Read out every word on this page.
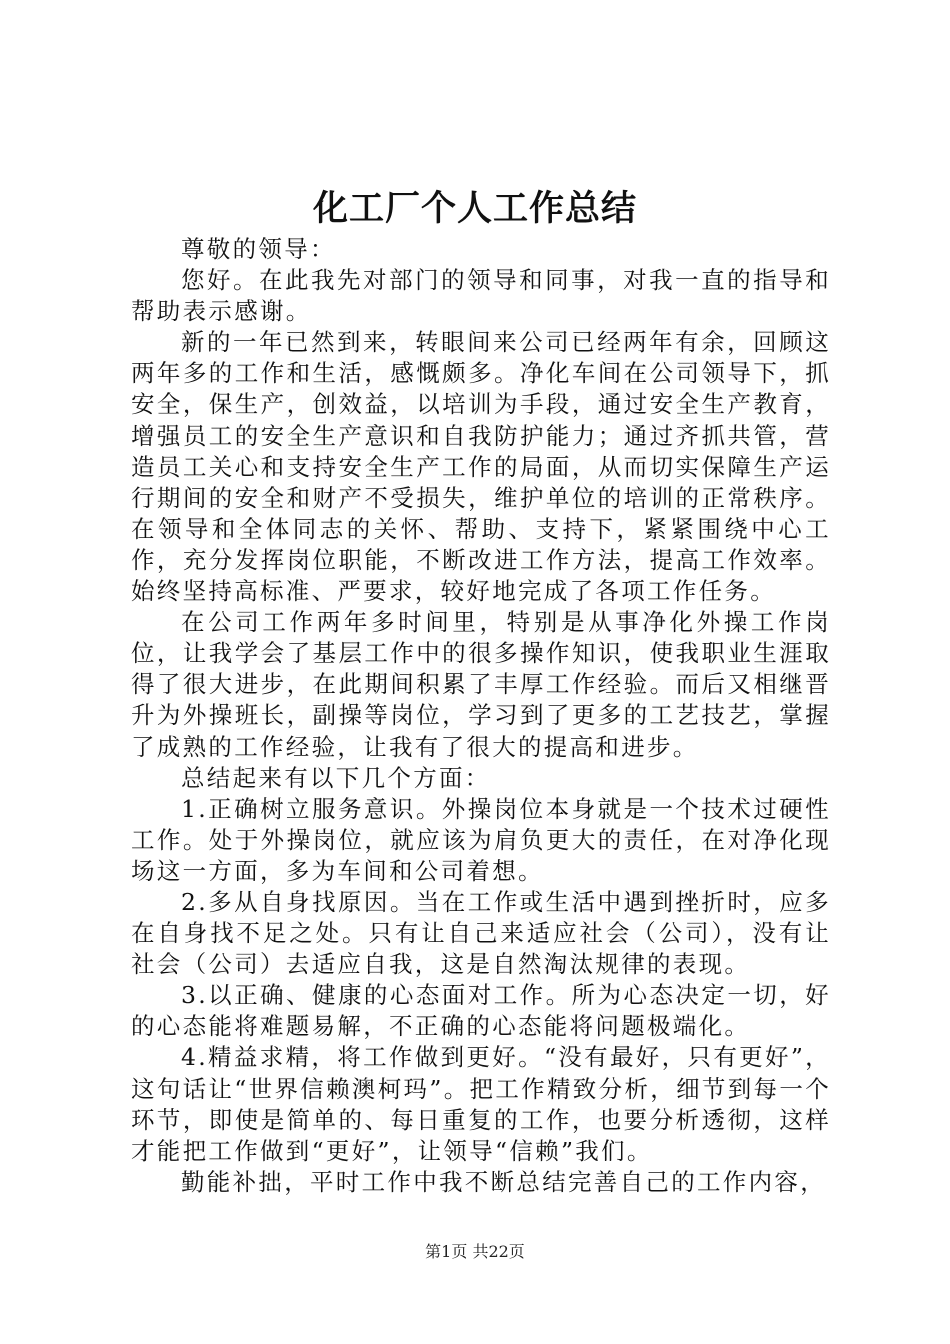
化工厂个人工作总结

尊敬的领导：

您好。在此我先对部门的领导和同事，对我一直的指导和帮助表示感谢。

新的一年已然到来，转眼间来公司已经两年有余，回顾这两年多的工作和生活，感慨颇多。净化车间在公司领导下，抓安全，保生产，创效益，以培训为手段，通过安全生产教育，增强员工的安全生产意识和自我防护能力；通过齐抓共管，营造员工关心和支持安全生产工作的局面，从而切实保障生产运行期间的安全和财产不受损失，维护单位的培训的正常秩序。在领导和全体同志的关怀、帮助、支持下，紧紧围绕中心工作，充分发挥岗位职能，不断改进工作方法，提高工作效率。始终坚持高标准、严要求，较好地完成了各项工作任务。

在公司工作两年多时间里，特别是从事净化外操工作岗位，让我学会了基层工作中的很多操作知识，使我职业生涯取得了很大进步，在此期间积累了丰厚工作经验。而后又相继晋升为外操班长，副操等岗位，学习到了更多的工艺技艺，掌握了成熟的工作经验，让我有了很大的提高和进步。

总结起来有以下几个方面：

1.正确树立服务意识。外操岗位本身就是一个技术过硬性工作。处于外操岗位，就应该为肩负更大的责任，在对净化现场这一方面，多为车间和公司着想。

2.多从自身找原因。当在工作或生活中遇到挫折时，应多在自身找不足之处。只有让自己来适应社会（公司），没有让社会（公司）去适应自我，这是自然淘汰规律的表现。

3.以正确、健康的心态面对工作。所为心态决定一切，好的心态能将难题易解，不正确的心态能将问题极端化。

4.精益求精，将工作做到更好。“没有最好，只有更好”，这句话让“世界信赖澳柯玛”。把工作精致分析，细节到每一个环节，即使是简单的、每日重复的工作，也要分析透彻，这样才能把工作做到“更好”，让领导“信赖”我们。

勤能补拙，平时工作中我不断总结完善自己的工作内容，

第1页 共22页
